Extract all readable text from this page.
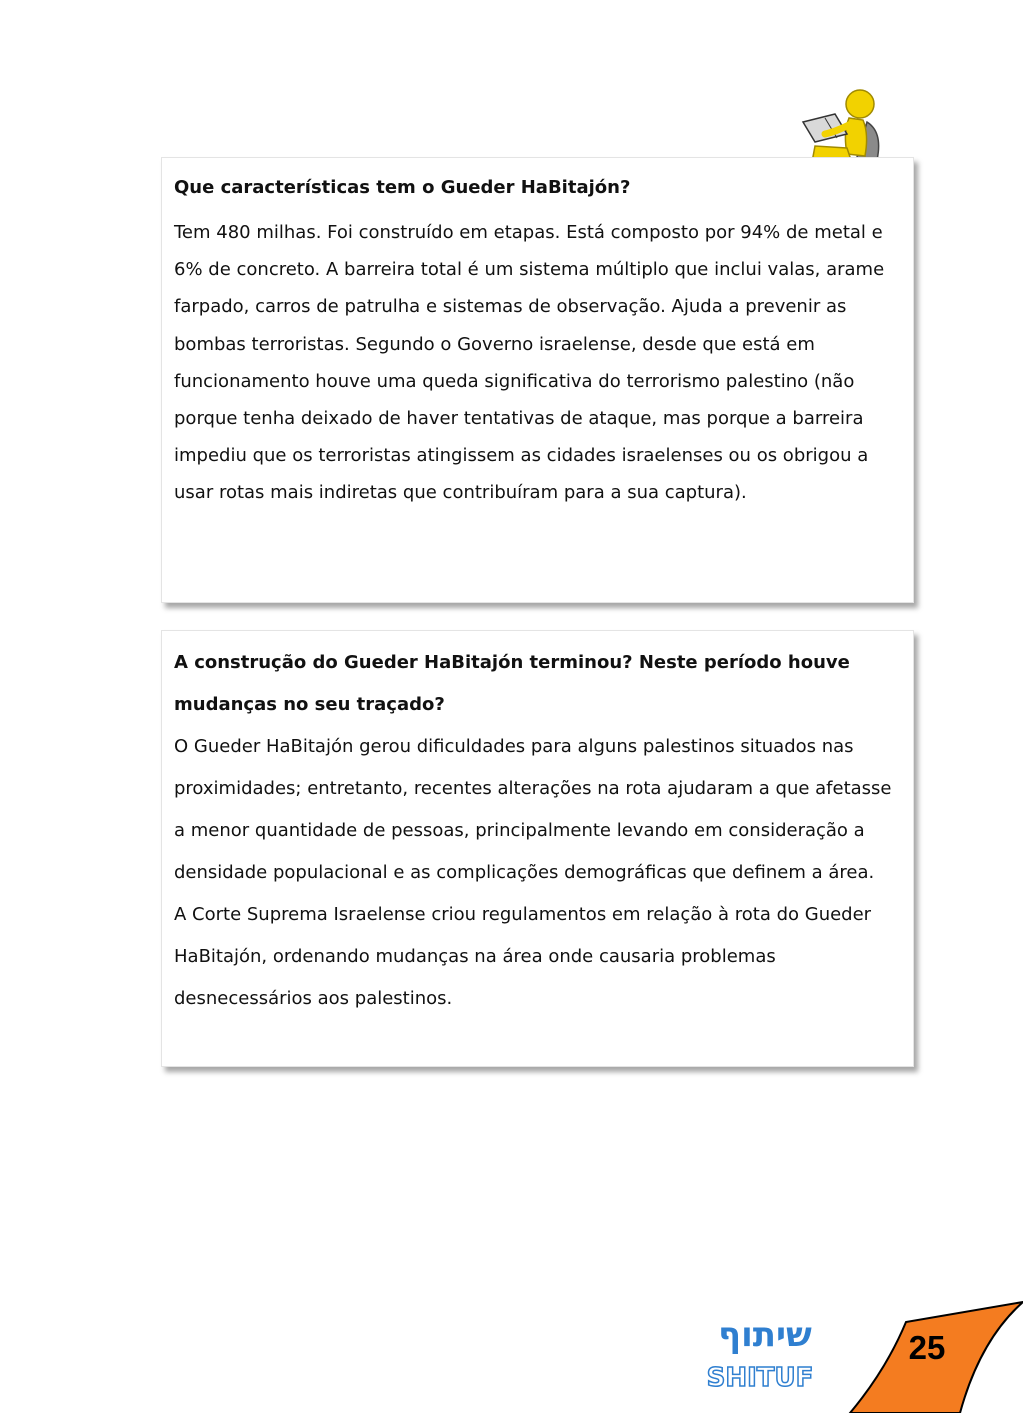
Que características tem o Gueder HaBitajón?

Tem 480 milhas. Foi construído em etapas. Está composto por 94% de metal e 6% de concreto. A barreira total é um sistema múltiplo que inclui valas, arame farpado, carros de patrulha e sistemas de observação. Ajuda a prevenir as bombas terroristas. Segundo o Governo israelense, desde que está em funcionamento houve uma queda significativa do terrorismo palestino (não porque tenha deixado de haver tentativas de ataque, mas porque a barreira impediu que os terroristas atingissem as cidades israelenses ou os obrigou a usar rotas mais indiretas que contribuíram para a sua captura).

A construção do Gueder HaBitajón terminou? Neste período houve mudanças no seu traçado?

O Gueder HaBitajón gerou dificuldades para alguns palestinos situados nas proximidades; entretanto, recentes alterações na rota ajudaram a que afetasse a menor quantidade de pessoas, principalmente levando em consideração a densidade populacional e as complicações demográficas que definem a área.

A Corte Suprema Israelense criou regulamentos em relação à rota do Gueder HaBitajón, ordenando mudanças na área onde causaria problemas desnecessários aos palestinos.

שיתוף
SHITUF
25
